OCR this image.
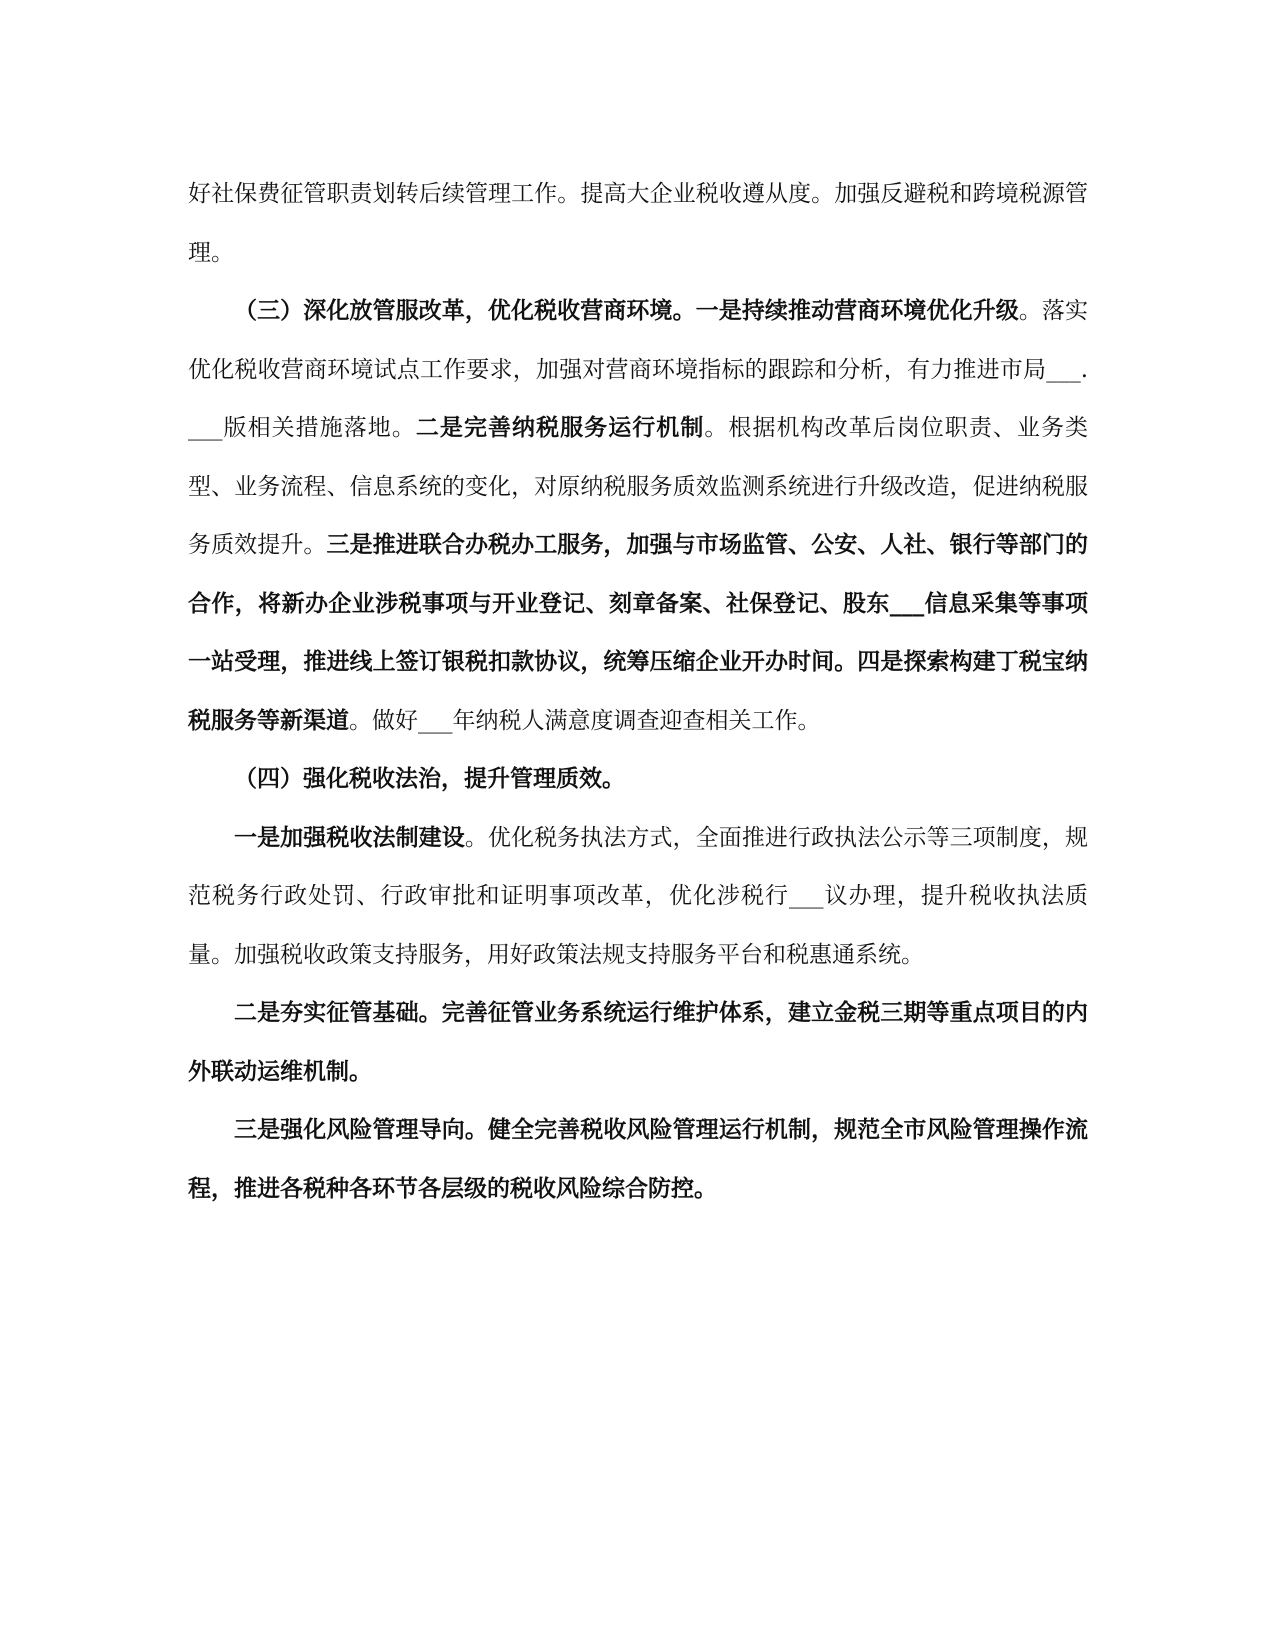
好社保费征管职责划转后续管理工作。提高大企业税收遵从度。加强反避税和跨境税源管理。

（三）深化放管服改革，优化税收营商环境。一是持续推动营商环境优化升级。落实优化税收营商环境试点工作要求，加强对营商环境指标的跟踪和分析，有力推进市局___.___版相关措施落地。二是完善纳税服务运行机制。根据机构改革后岗位职责、业务类型、业务流程、信息系统的变化，对原纳税服务质效监测系统进行升级改造，促进纳税服务质效提升。三是推进联合办税办工服务，加强与市场监管、公安、人社、银行等部门的合作，将新办企业涉税事项与开业登记、刻章备案、社保登记、股东___信息采集等事项一站受理，推进线上签订银税扣款协议，统筹压缩企业开办时间。四是探索构建丁税宝纳税服务等新渠道。做好___年纳税人满意度调查迎查相关工作。

（四）强化税收法治，提升管理质效。

一是加强税收法制建设。优化税务执法方式，全面推进行政执法公示等三项制度，规范税务行政处罚、行政审批和证明事项改革，优化涉税行___议办理，提升税收执法质量。加强税收政策支持服务，用好政策法规支持服务平台和税惠通系统。

二是夯实征管基础。完善征管业务系统运行维护体系，建立金税三期等重点项目的内外联动运维机制。

三是强化风险管理导向。健全完善税收风险管理运行机制，规范全市风险管理操作流程，推进各税种各环节各层级的税收风险综合防控。
